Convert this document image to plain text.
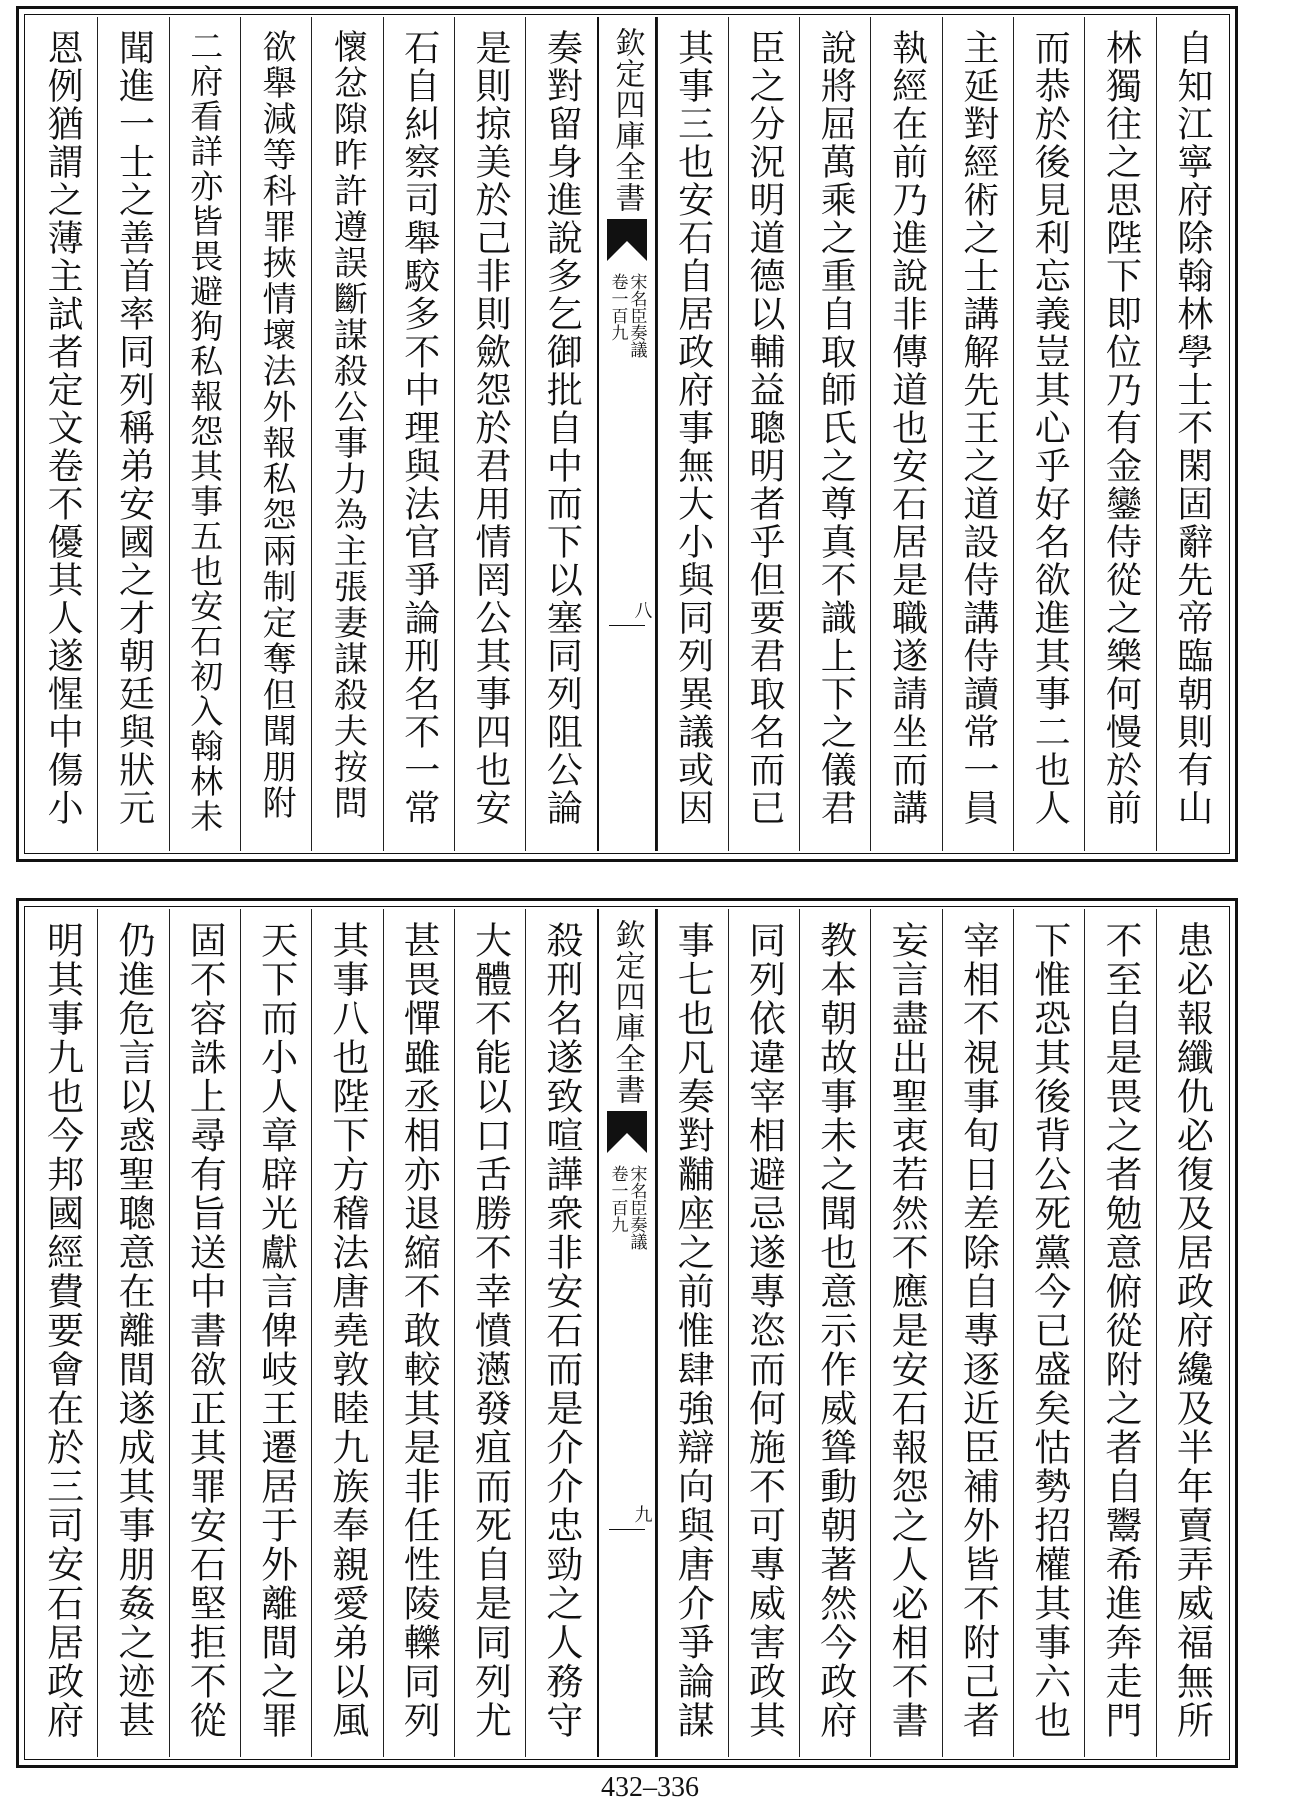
自知江寧府除翰林學士不閑固辭先帝臨朝則有山
林獨往之思陛下即位乃有金鑾侍從之樂何慢於前
而恭於後見利忘義豈其心乎好名欲進其事二也人
主延對經術之士講解先王之道設侍講侍讀常一員
執經在前乃進說非傳道也安石居是職遂請坐而講
說將屈萬乘之重自取師氏之尊真不識上下之儀君
臣之分況明道德以輔益聰明者乎但要君取名而已
其事三也安石自居政府事無大小與同列異議或因
欽定四庫全書
宋名臣奏議
卷一百九
八
奏對留身進說多乞御批自中而下以塞同列阻公論
是則掠美於己非則歛怨於君用情罔公其事四也安
石自糾察司舉駮多不中理與法官爭論刑名不一常
懷忿隙昨許遵誤斷謀殺公事力為主張妻謀殺夫按問
欲舉減等科罪挾情壞法外報私怨兩制定奪但聞朋附
二府看詳亦皆畏避狗私報怨其事五也安石初入翰林未
聞進一士之善首率同列稱弟安國之才朝廷與狀元
恩例猶謂之薄主試者定文卷不優其人遂惺中傷小
患必報纖仇必復及居政府纔及半年賣弄威福無所
不至自是畏之者勉意俯從附之者自鬻希進奔走門
下惟恐其後背公死黨今已盛矣怙勢招權其事六也
宰相不視事旬日差除自專逐近臣補外皆不附己者
妄言盡出聖衷若然不應是安石報怨之人必相不書
教本朝故事未之聞也意示作威聳動朝著然今政府
同列依違宰相避忌遂專恣而何施不可專威害政其
事七也凡奏對黼座之前惟肆強辯向與唐介爭論謀
欽定四庫全書
宋名臣奏議
卷一百九
九
殺刑名遂致喧譁衆非安石而是介介忠勁之人務守
大體不能以口舌勝不幸憤懣發疽而死自是同列尤
甚畏憚雖丞相亦退縮不敢較其是非任性陵轢同列
其事八也陛下方稽法唐堯敦睦九族奉親愛弟以風
天下而小人章辟光獻言俾岐王遷居于外離間之罪
固不容誅上尋有旨送中書欲正其罪安石堅拒不從
仍進危言以惑聖聰意在離間遂成其事朋姦之迹甚
明其事九也今邦國經費要會在於三司安石居政府
432–336
